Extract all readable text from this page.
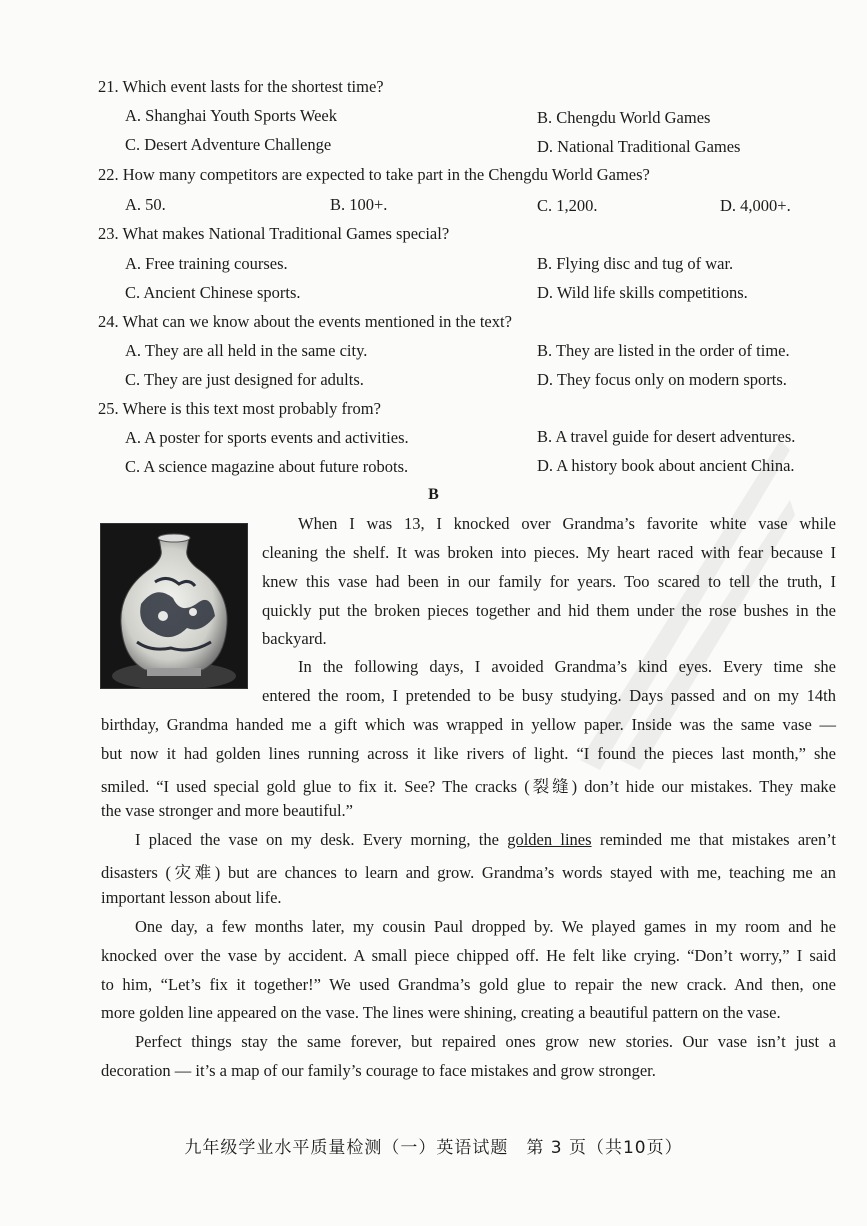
21. Which event lasts for the shortest time?
A. Shanghai Youth Sports Week	B. Chengdu World Games
C. Desert Adventure Challenge	D. National Traditional Games
22. How many competitors are expected to take part in the Chengdu World Games?
A. 50.	B. 100+.	C. 1,200.	D. 4,000+.
23. What makes National Traditional Games special?
A. Free training courses.	B. Flying disc and tug of war.
C. Ancient Chinese sports.	D. Wild life skills competitions.
24. What can we know about the events mentioned in the text?
A. They are all held in the same city.	B. They are listed in the order of time.
C. They are just designed for adults.	D. They focus only on modern sports.
25. Where is this text most probably from?
A. A poster for sports events and activities.	B. A travel guide for desert adventures.
C. A science magazine about future robots.	D. A history book about ancient China.
B
When I was 13, I knocked over Grandma’s favorite white vase while
cleaning the shelf. It was broken into pieces. My heart raced with fear because I
knew this vase had been in our family for years. Too scared to tell the truth, I
quickly put the broken pieces together and hid them under the rose bushes in the
backyard.
In the following days, I avoided Grandma’s kind eyes. Every time she
entered the room, I pretended to be busy studying. Days passed and on my 14th
birthday, Grandma handed me a gift which was wrapped in yellow paper. Inside was the same vase —
but now it had golden lines running across it like rivers of light. “I found the pieces last month,” she
smiled. “I used special gold glue to fix it. See? The cracks (裂缝) don’t hide our mistakes. They make
the vase stronger and more beautiful.”
I placed the vase on my desk. Every morning, the golden lines reminded me that mistakes aren’t
disasters (灾难) but are chances to learn and grow. Grandma’s words stayed with me, teaching me an
important lesson about life.
One day, a few months later, my cousin Paul dropped by. We played games in my room and he
knocked over the vase by accident. A small piece chipped off. He felt like crying. “Don’t worry,” I said
to him, “Let’s fix it together!” We used Grandma’s gold glue to repair the new crack. And then, one
more golden line appeared on the vase. The lines were shining, creating a beautiful pattern on the vase.
Perfect things stay the same forever, but repaired ones grow new stories. Our vase isn’t just a
decoration — it’s a map of our family’s courage to face mistakes and grow stronger.
九年级学业水平质量检测（一）英语试题　第 3 页（共10页）
